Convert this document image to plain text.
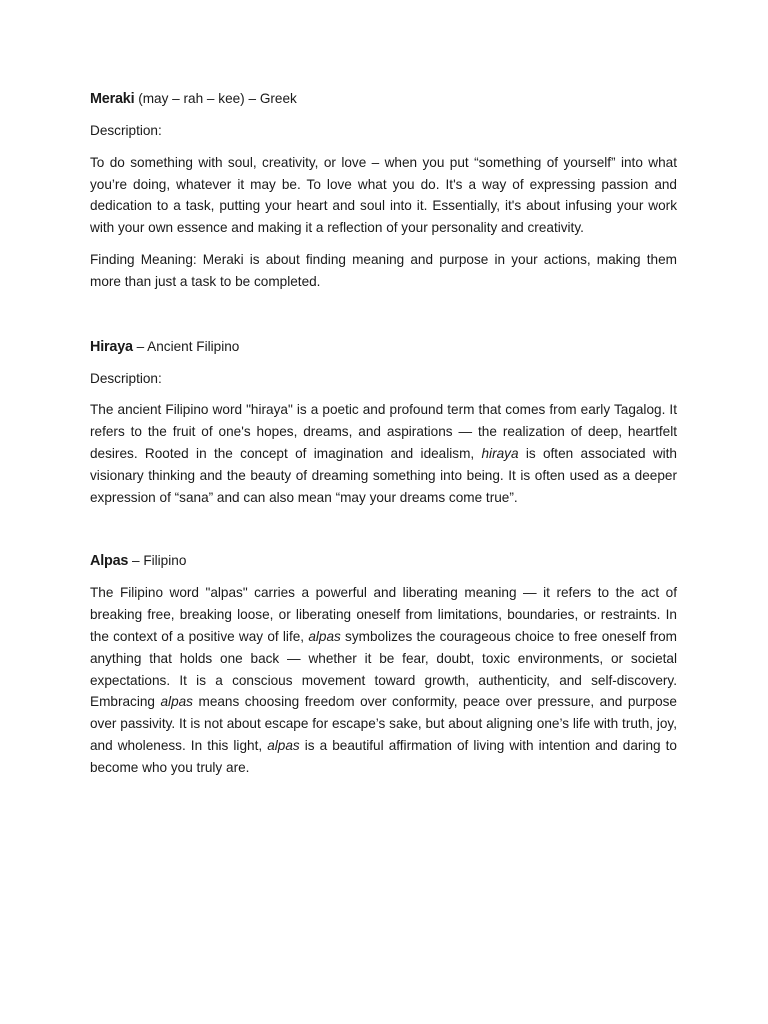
Meraki (may – rah – kee) – Greek
Description:

To do something with soul, creativity, or love – when you put “something of yourself” into what you’re doing, whatever it may be. To love what you do. It's a way of expressing passion and dedication to a task, putting your heart and soul into it. Essentially, it's about infusing your work with your own essence and making it a reflection of your personality and creativity.

Finding Meaning: Meraki is about finding meaning and purpose in your actions, making them more than just a task to be completed.

Hiraya – Ancient Filipino
Description:

The ancient Filipino word "hiraya" is a poetic and profound term that comes from early Tagalog. It refers to the fruit of one's hopes, dreams, and aspirations — the realization of deep, heartfelt desires. Rooted in the concept of imagination and idealism, hiraya is often associated with visionary thinking and the beauty of dreaming something into being. It is often used as a deeper expression of “sana” and can also mean “may your dreams come true”.

Alpas – Filipino

The Filipino word "alpas" carries a powerful and liberating meaning — it refers to the act of breaking free, breaking loose, or liberating oneself from limitations, boundaries, or restraints. In the context of a positive way of life, alpas symbolizes the courageous choice to free oneself from anything that holds one back — whether it be fear, doubt, toxic environments, or societal expectations. It is a conscious movement toward growth, authenticity, and self-discovery. Embracing alpas means choosing freedom over conformity, peace over pressure, and purpose over passivity. It is not about escape for escape’s sake, but about aligning one’s life with truth, joy, and wholeness. In this light, alpas is a beautiful affirmation of living with intention and daring to become who you truly are.
